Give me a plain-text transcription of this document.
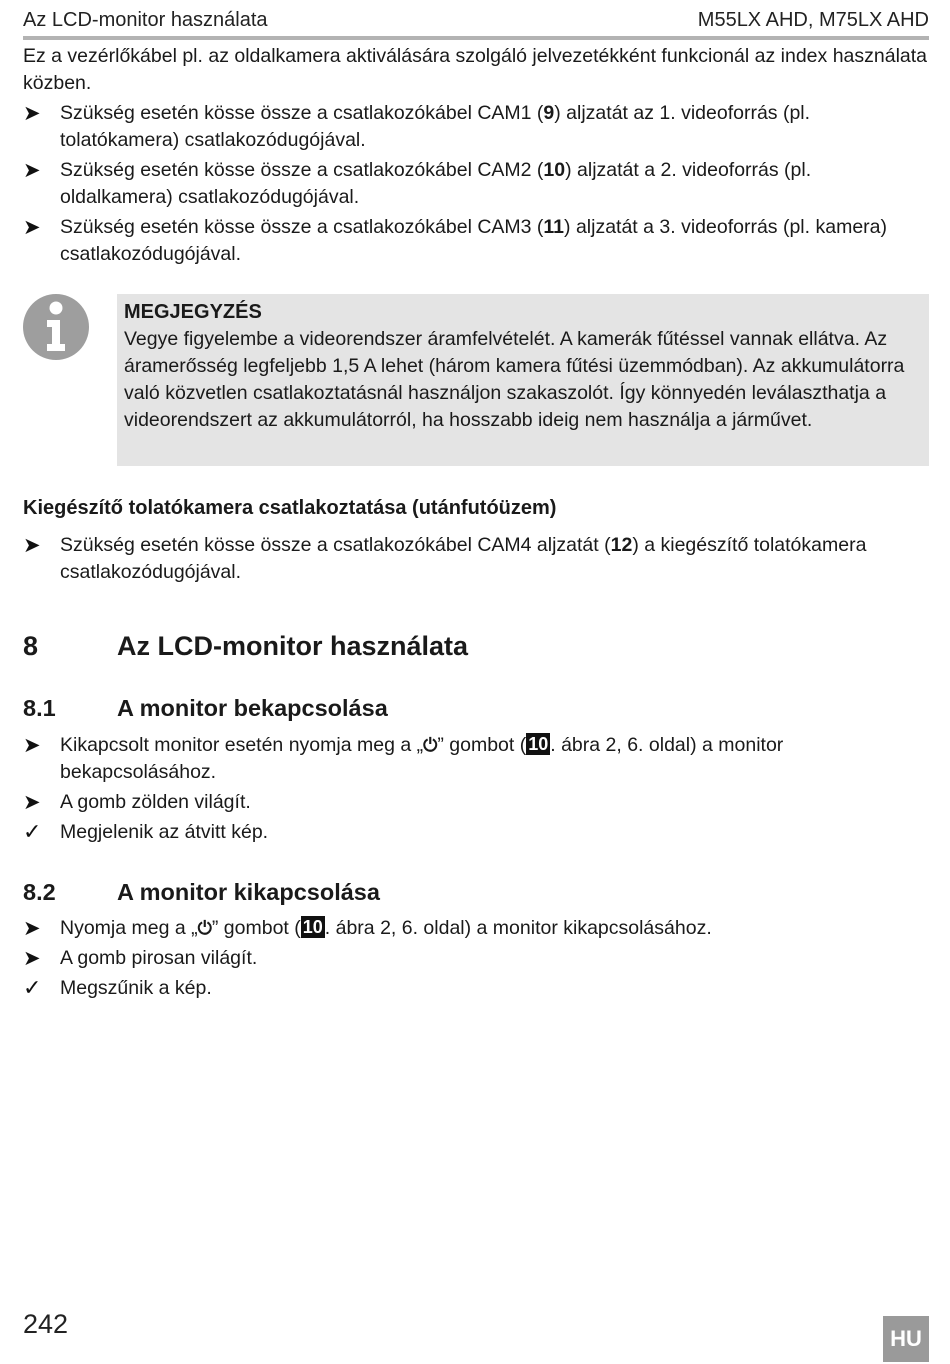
Az LCD-monitor használata	M55LX AHD, M75LX AHD
Ez a vezérlőkábel pl. az oldalkamera aktiválására szolgáló jelvezetékként funkcionál az index használata közben.
➤ Szükség esetén kösse össze a csatlakozókábel CAM1 (9) aljzatát az 1. videoforrás (pl. tolatókamera) csatlakozódugójával.
➤ Szükség esetén kösse össze a csatlakozókábel CAM2 (10) aljzatát a 2. videoforrás (pl. oldalkamera) csatlakozódugójával.
➤ Szükség esetén kösse össze a csatlakozókábel CAM3 (11) aljzatát a 3. videoforrás (pl. kamera) csatlakozódugójával.
MEGJEGYZÉS
Vegye figyelembe a videorendszer áramfelvételét. A kamerák fűtéssel vannak ellátva. Az áramerősség legfeljebb 1,5 A lehet (három kamera fűtési üzemmódban). Az akkumulátorra való közvetlen csatlakoztatásnál használjon szakaszolót. Így könnyedén leválaszthatja a videorendszert az akkumulátorról, ha hosszabb ideig nem használja a járművet.
Kiegészítő tolatókamera csatlakoztatása (utánfutóüzem)
➤ Szükség esetén kösse össze a csatlakozókábel CAM4 aljzatát (12) a kiegészítő tolatókamera csatlakozódugójával.
8	Az LCD-monitor használata
8.1	A monitor bekapcsolása
➤ Kikapcsolt monitor esetén nyomja meg a „⏻” gombot ( 10 . ábra 2, 6. oldal) a monitor bekapcsolásához.
➤ A gomb zölden világít.
✓ Megjelenik az átvitt kép.
8.2	A monitor kikapcsolása
➤ Nyomja meg a „⏻” gombot ( 10 . ábra 2, 6. oldal) a monitor kikapcsolásához.
➤ A gomb pirosan világít.
✓ Megszűnik a kép.
242	HU
